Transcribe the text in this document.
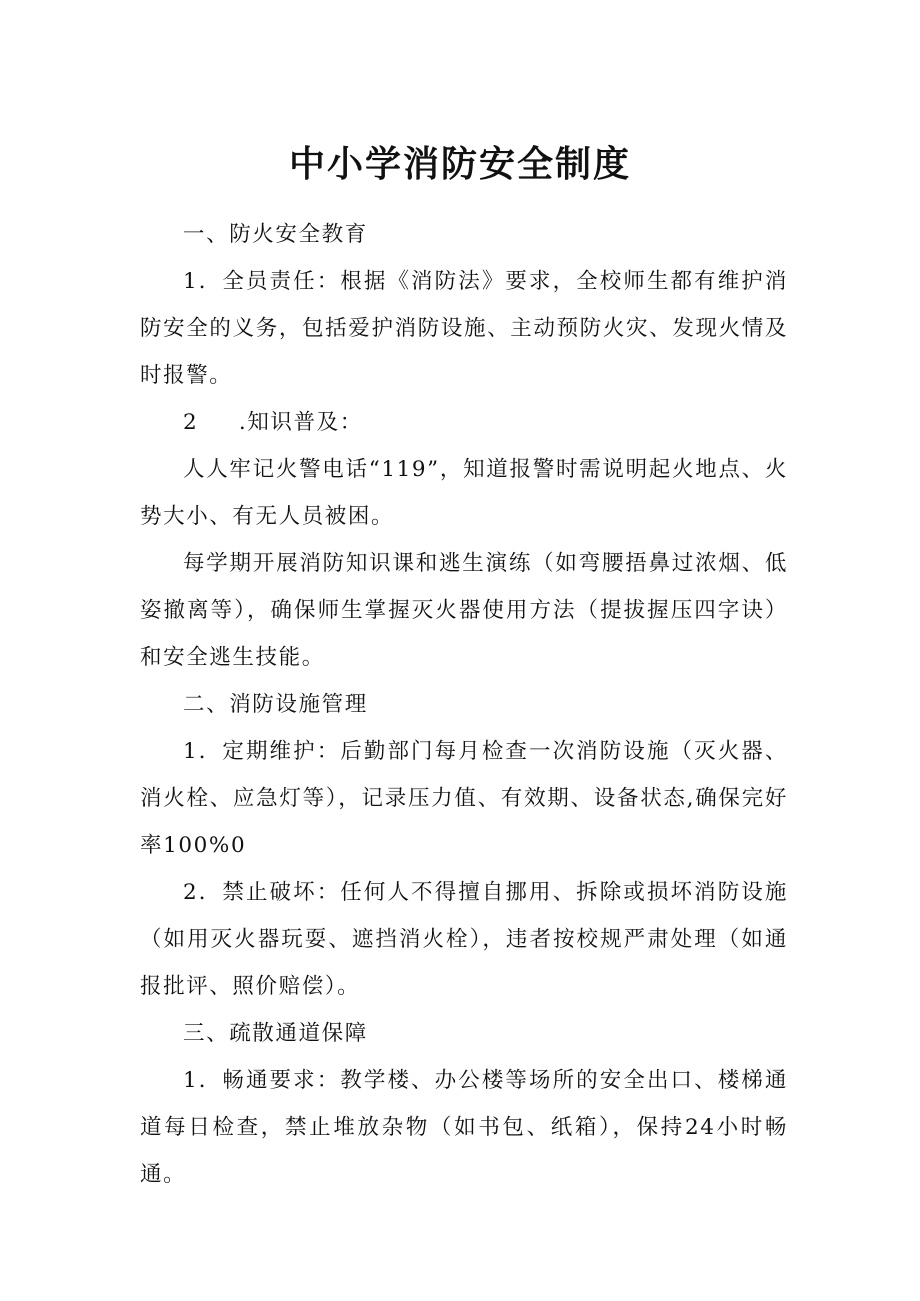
中小学消防安全制度

一、防火安全教育

1．全员责任：根据《消防法》要求，全校师生都有维护消防安全的义务，包括爱护消防设施、主动预防火灾、发现火情及时报警。

2 .知识普及：

人人牢记火警电话“119”，知道报警时需说明起火地点、火势大小、有无人员被困。

每学期开展消防知识课和逃生演练（如弯腰捂鼻过浓烟、低姿撤离等），确保师生掌握灭火器使用方法（提拔握压四字诀）和安全逃生技能。

二、消防设施管理

1．定期维护：后勤部门每月检查一次消防设施（灭火器、消火栓、应急灯等），记录压力值、有效期、设备状态,确保完好率100%0

2．禁止破坏：任何人不得擅自挪用、拆除或损坏消防设施（如用灭火器玩耍、遮挡消火栓），违者按校规严肃处理（如通报批评、照价赔偿）。

三、疏散通道保障

1．畅通要求：教学楼、办公楼等场所的安全出口、楼梯通道每日检查，禁止堆放杂物（如书包、纸箱），保持24小时畅通。
